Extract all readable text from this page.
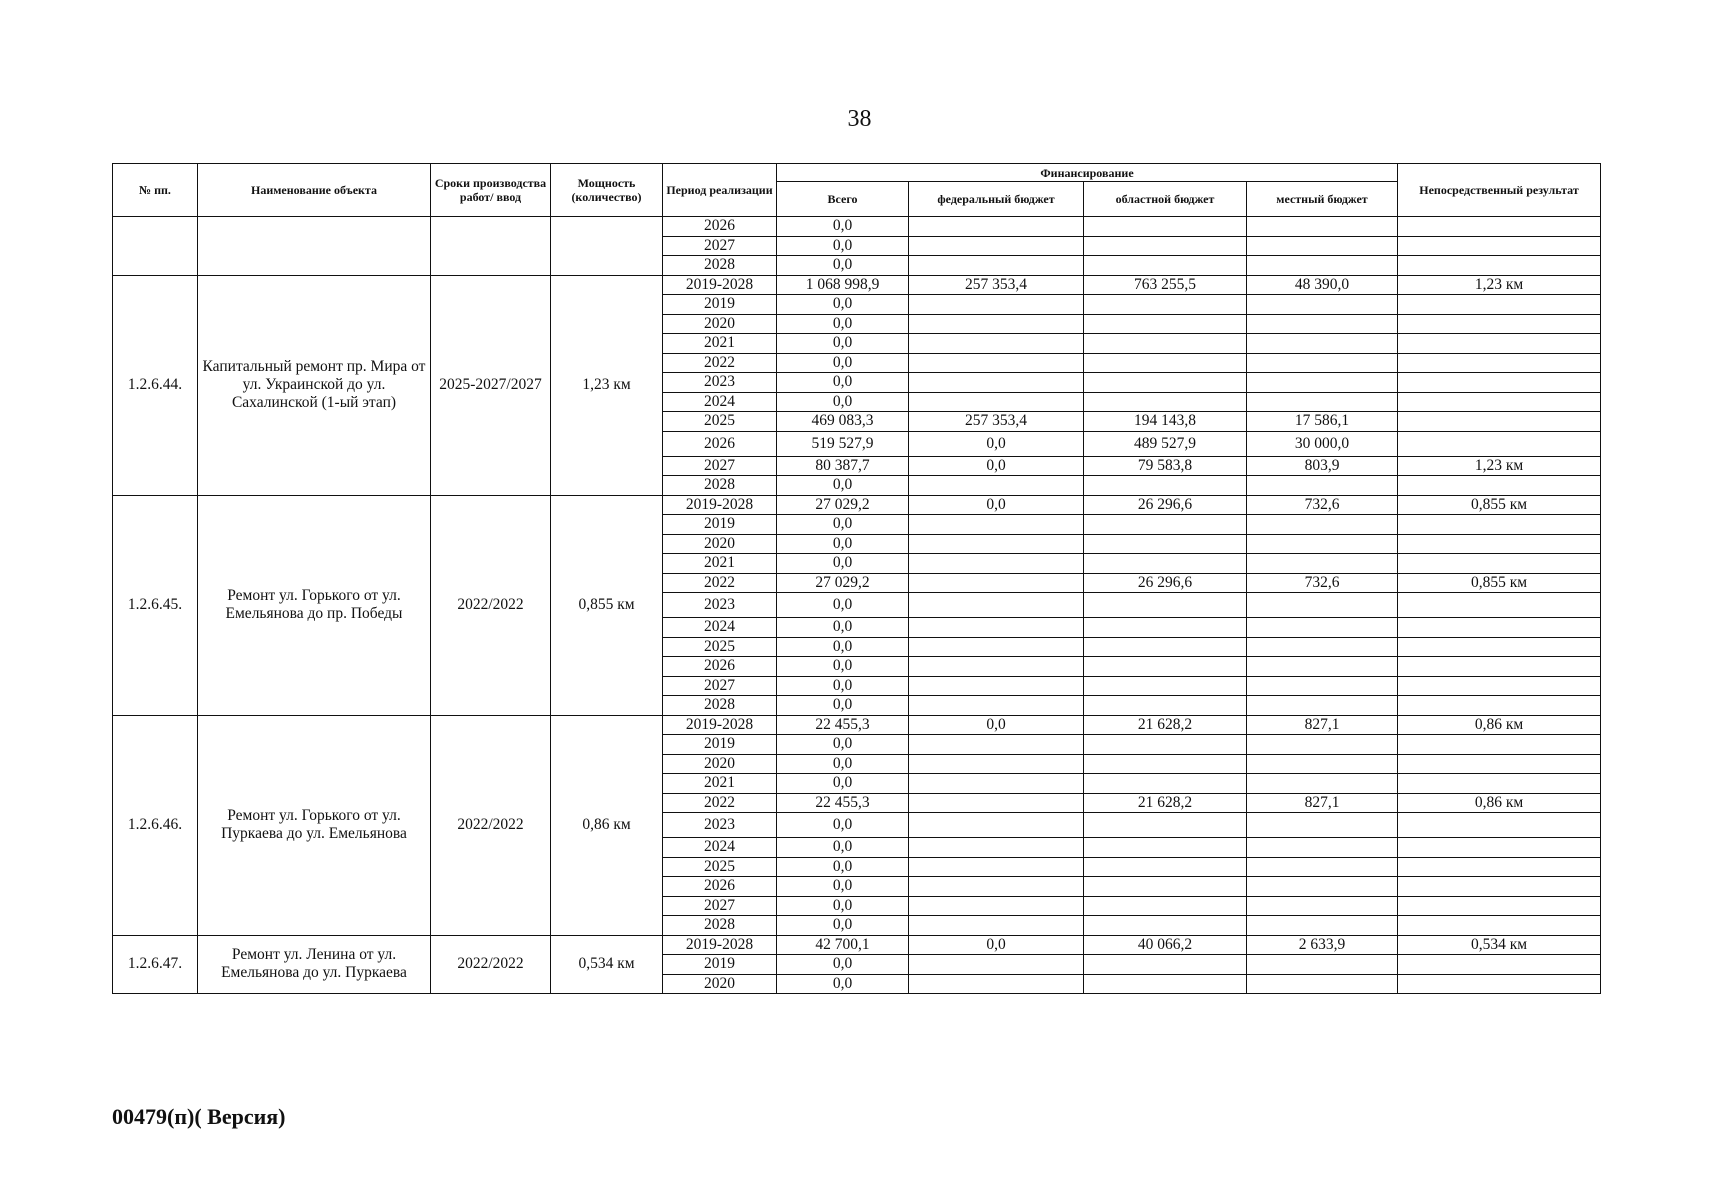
38
№ пп.	Наименование объекта	Сроки производства работ/ ввод	Мощность (количество)	Период реализации	Финансирование				Непосредственный результат
					Всего	федеральный бюджет	областной бюджет	местный бюджет	
				2026	0,0				
				2027	0,0				
				2028	0,0				
1.2.6.44.	Капитальный ремонт пр. Мира от ул. Украинской до ул. Сахалинской (1-ый этап)	2025-2027/2027	1,23 км	2019-2028	1 068 998,9	257 353,4	763 255,5	48 390,0	1,23 км
				2019	0,0				
				2020	0,0				
				2021	0,0				
				2022	0,0				
				2023	0,0				
				2024	0,0				
				2025	469 083,3	257 353,4	194 143,8	17 586,1	
				2026	519 527,9	0,0	489 527,9	30 000,0	
				2027	80 387,7	0,0	79 583,8	803,9	1,23 км
				2028	0,0				
1.2.6.45.	Ремонт ул. Горького от ул. Емельянова до пр. Победы	2022/2022	0,855 км	2019-2028	27 029,2	0,0	26 296,6	732,6	0,855 км
				2019	0,0				
				2020	0,0				
				2021	0,0				
				2022	27 029,2		26 296,6	732,6	0,855 км
				2023	0,0				
				2024	0,0				
				2025	0,0				
				2026	0,0				
				2027	0,0				
				2028	0,0				
1.2.6.46.	Ремонт ул. Горького от ул. Пуркаева до ул. Емельянова	2022/2022	0,86 км	2019-2028	22 455,3	0,0	21 628,2	827,1	0,86 км
				2019	0,0				
				2020	0,0				
				2021	0,0				
				2022	22 455,3		21 628,2	827,1	0,86 км
				2023	0,0				
				2024	0,0				
				2025	0,0				
				2026	0,0				
				2027	0,0				
				2028	0,0				
1.2.6.47.	Ремонт ул. Ленина от ул. Емельянова до ул. Пуркаева	2022/2022	0,534 км	2019-2028	42 700,1	0,0	40 066,2	2 633,9	0,534 км
				2019	0,0				
				2020	0,0				
00479(п)( Версия)
